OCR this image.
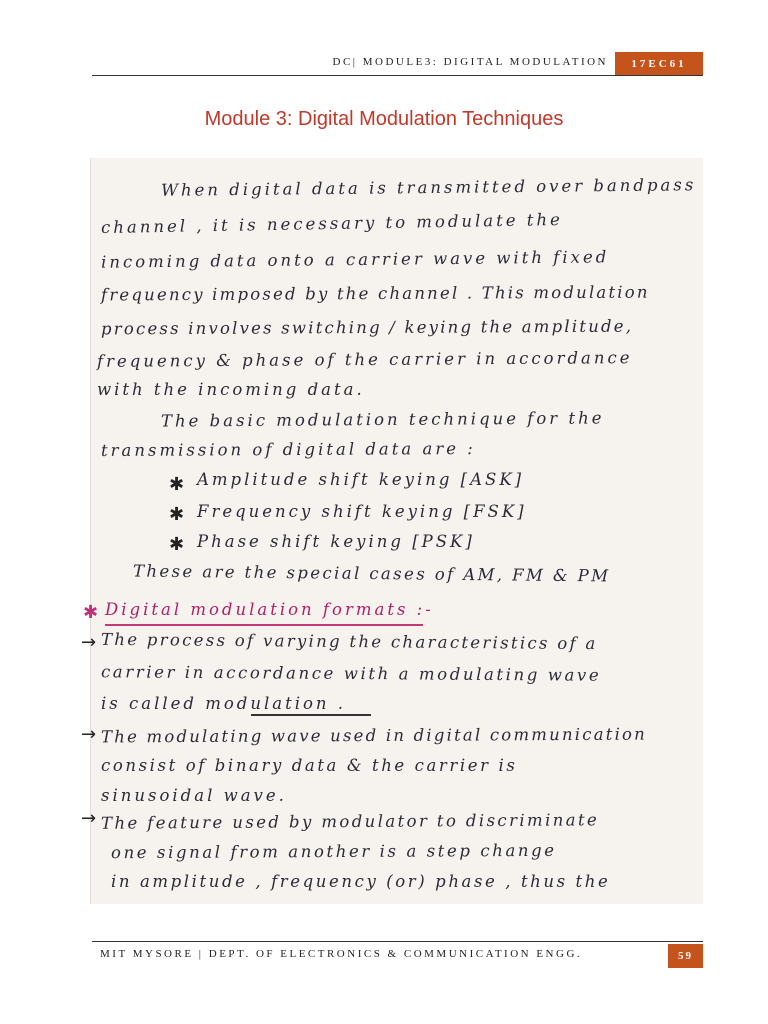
DC| MODULE3: DIGITAL MODULATION	17EC61
Module 3: Digital Modulation Techniques
When digital data is transmitted over bandpass
channel , it is necessary to modulate the
incoming data onto a carrier wave with fixed
frequency imposed by the channel . This modulation
process involves switching / keying the amplitude,
frequency & phase of the carrier in accordance
with the incoming data.
The basic modulation technique for the
transmission of digital data are :
✱ Amplitude shift keying [ASK]
✱ Frequency shift keying [FSK]
✱ Phase shift keying [PSK]
These are the special cases of AM, FM & PM
✱ Digital modulation formats :-
→ The process of varying the characteristics of a
carrier in accordance with a modulating wave
is called modulation .
→ The modulating wave used in digital communication
consist of binary data & the carrier is
sinusoidal wave.
→ The feature used by modulator to discriminate
one signal from another is a step change
in amplitude , frequency (or) phase , thus the
MIT MYSORE | DEPT. OF ELECTRONICS & COMMUNICATION ENGG.	59
